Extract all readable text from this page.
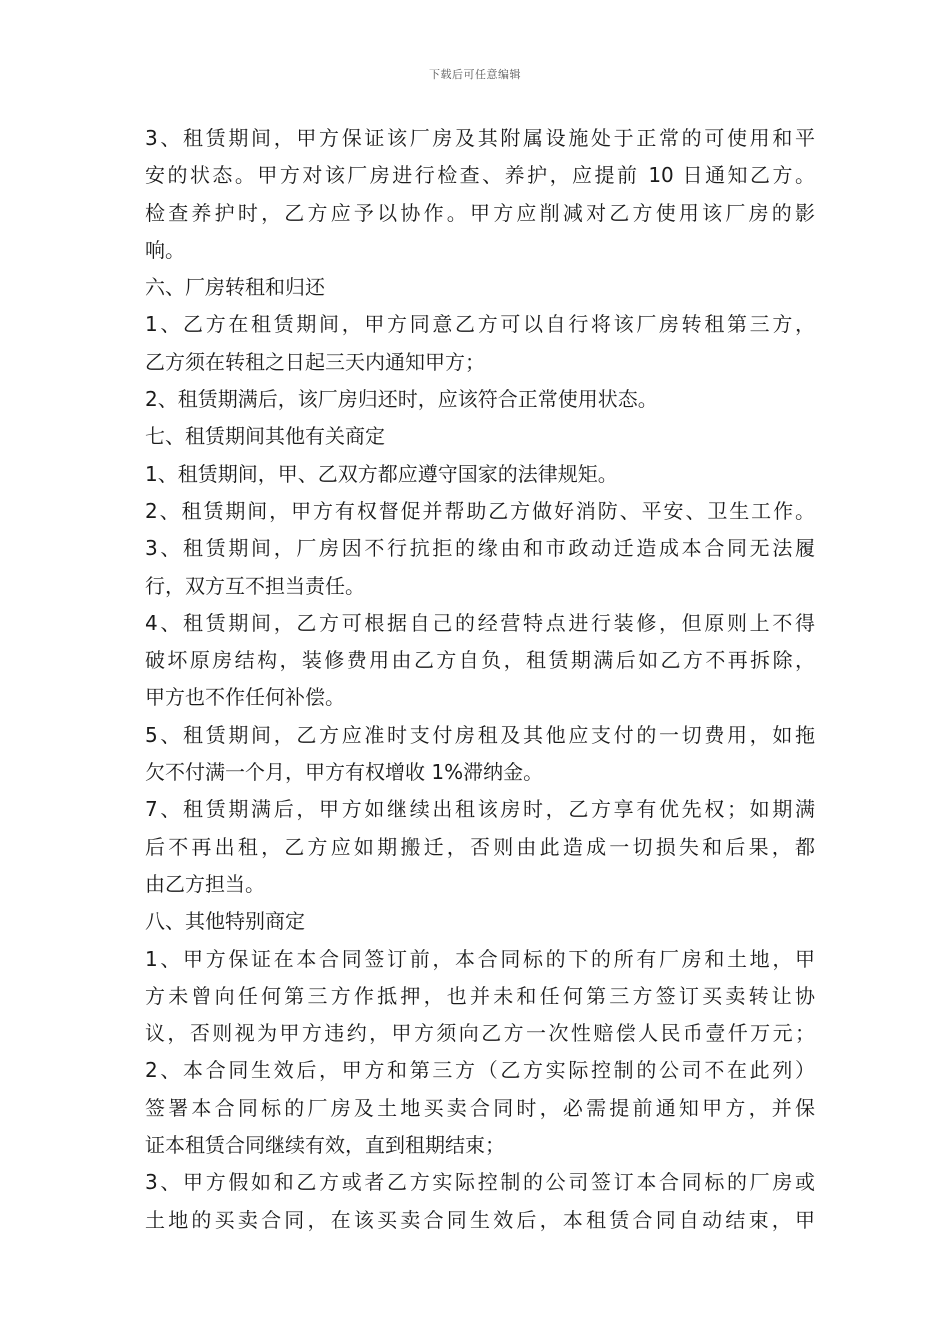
下载后可任意编辑
3、租赁期间，甲方保证该厂房及其附属设施处于正常的可使用和平
安的状态。甲方对该厂房进行检查、养护，应提前 10 日通知乙方。
检查养护时，乙方应予以协作。甲方应削减对乙方使用该厂房的影
响。
六、厂房转租和归还
1、乙方在租赁期间，甲方同意乙方可以自行将该厂房转租第三方，
乙方须在转租之日起三天内通知甲方；
2、租赁期满后，该厂房归还时，应该符合正常使用状态。
七、租赁期间其他有关商定
1、租赁期间，甲、乙双方都应遵守国家的法律规矩。
2、租赁期间，甲方有权督促并帮助乙方做好消防、平安、卫生工作。
3、租赁期间，厂房因不行抗拒的缘由和市政动迁造成本合同无法履
行，双方互不担当责任。
4、租赁期间，乙方可根据自己的经营特点进行装修，但原则上不得
破坏原房结构，装修费用由乙方自负，租赁期满后如乙方不再拆除，
甲方也不作任何补偿。
5、租赁期间，乙方应准时支付房租及其他应支付的一切费用，如拖
欠不付满一个月，甲方有权增收 1%滞纳金。
7、租赁期满后，甲方如继续出租该房时，乙方享有优先权；如期满
后不再出租，乙方应如期搬迁，否则由此造成一切损失和后果，都
由乙方担当。
八、其他特别商定
1、甲方保证在本合同签订前，本合同标的下的所有厂房和土地，甲
方未曾向任何第三方作抵押，也并未和任何第三方签订买卖转让协
议，否则视为甲方违约，甲方须向乙方一次性赔偿人民币壹仟万元；
2、本合同生效后，甲方和第三方（乙方实际控制的公司不在此列）
签署本合同标的厂房及土地买卖合同时，必需提前通知甲方，并保
证本租赁合同继续有效，直到租期结束；
3、甲方假如和乙方或者乙方实际控制的公司签订本合同标的厂房或
土地的买卖合同，在该买卖合同生效后，本租赁合同自动结束，甲
